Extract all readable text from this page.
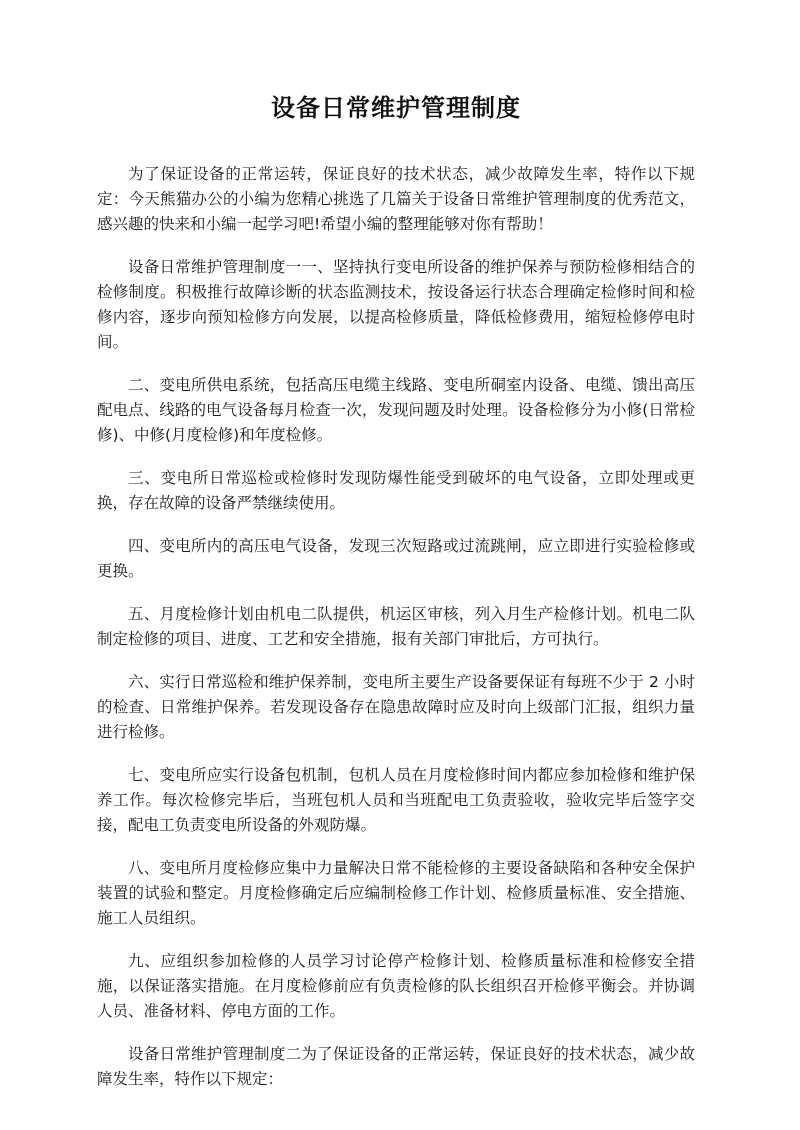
设备日常维护管理制度

为了保证设备的正常运转，保证良好的技术状态，减少故障发生率，特作以下规定：今天熊猫办公的小编为您精心挑选了几篇关于设备日常维护管理制度的优秀范文，感兴趣的快来和小编一起学习吧!希望小编的整理能够对你有帮助！

设备日常维护管理制度一一、坚持执行变电所设备的维护保养与预防检修相结合的检修制度。积极推行故障诊断的状态监测技术，按设备运行状态合理确定检修时间和检修内容，逐步向预知检修方向发展，以提高检修质量，降低检修费用，缩短检修停电时间。

二、变电所供电系统，包括高压电缆主线路、变电所硐室内设备、电缆、馈出高压配电点、线路的电气设备每月检查一次，发现问题及时处理。设备检修分为小修(日常检修)、中修(月度检修)和年度检修。

三、变电所日常巡检或检修时发现防爆性能受到破坏的电气设备，立即处理或更换，存在故障的设备严禁继续使用。

四、变电所内的高压电气设备，发现三次短路或过流跳闸，应立即进行实验检修或更换。

五、月度检修计划由机电二队提供，机运区审核，列入月生产检修计划。机电二队制定检修的项目、进度、工艺和安全措施，报有关部门审批后，方可执行。

六、实行日常巡检和维护保养制，变电所主要生产设备要保证有每班不少于 2 小时的检查、日常维护保养。若发现设备存在隐患故障时应及时向上级部门汇报，组织力量进行检修。

七、变电所应实行设备包机制，包机人员在月度检修时间内都应参加检修和维护保养工作。每次检修完毕后，当班包机人员和当班配电工负责验收，验收完毕后签字交接，配电工负责变电所设备的外观防爆。

八、变电所月度检修应集中力量解决日常不能检修的主要设备缺陷和各种安全保护装置的试验和整定。月度检修确定后应编制检修工作计划、检修质量标准、安全措施、施工人员组织。

九、应组织参加检修的人员学习讨论停产检修计划、检修质量标准和检修安全措施，以保证落实措施。在月度检修前应有负责检修的队长组织召开检修平衡会。并协调人员、准备材料、停电方面的工作。

设备日常维护管理制度二为了保证设备的正常运转，保证良好的技术状态，减少故障发生率，特作以下规定：
